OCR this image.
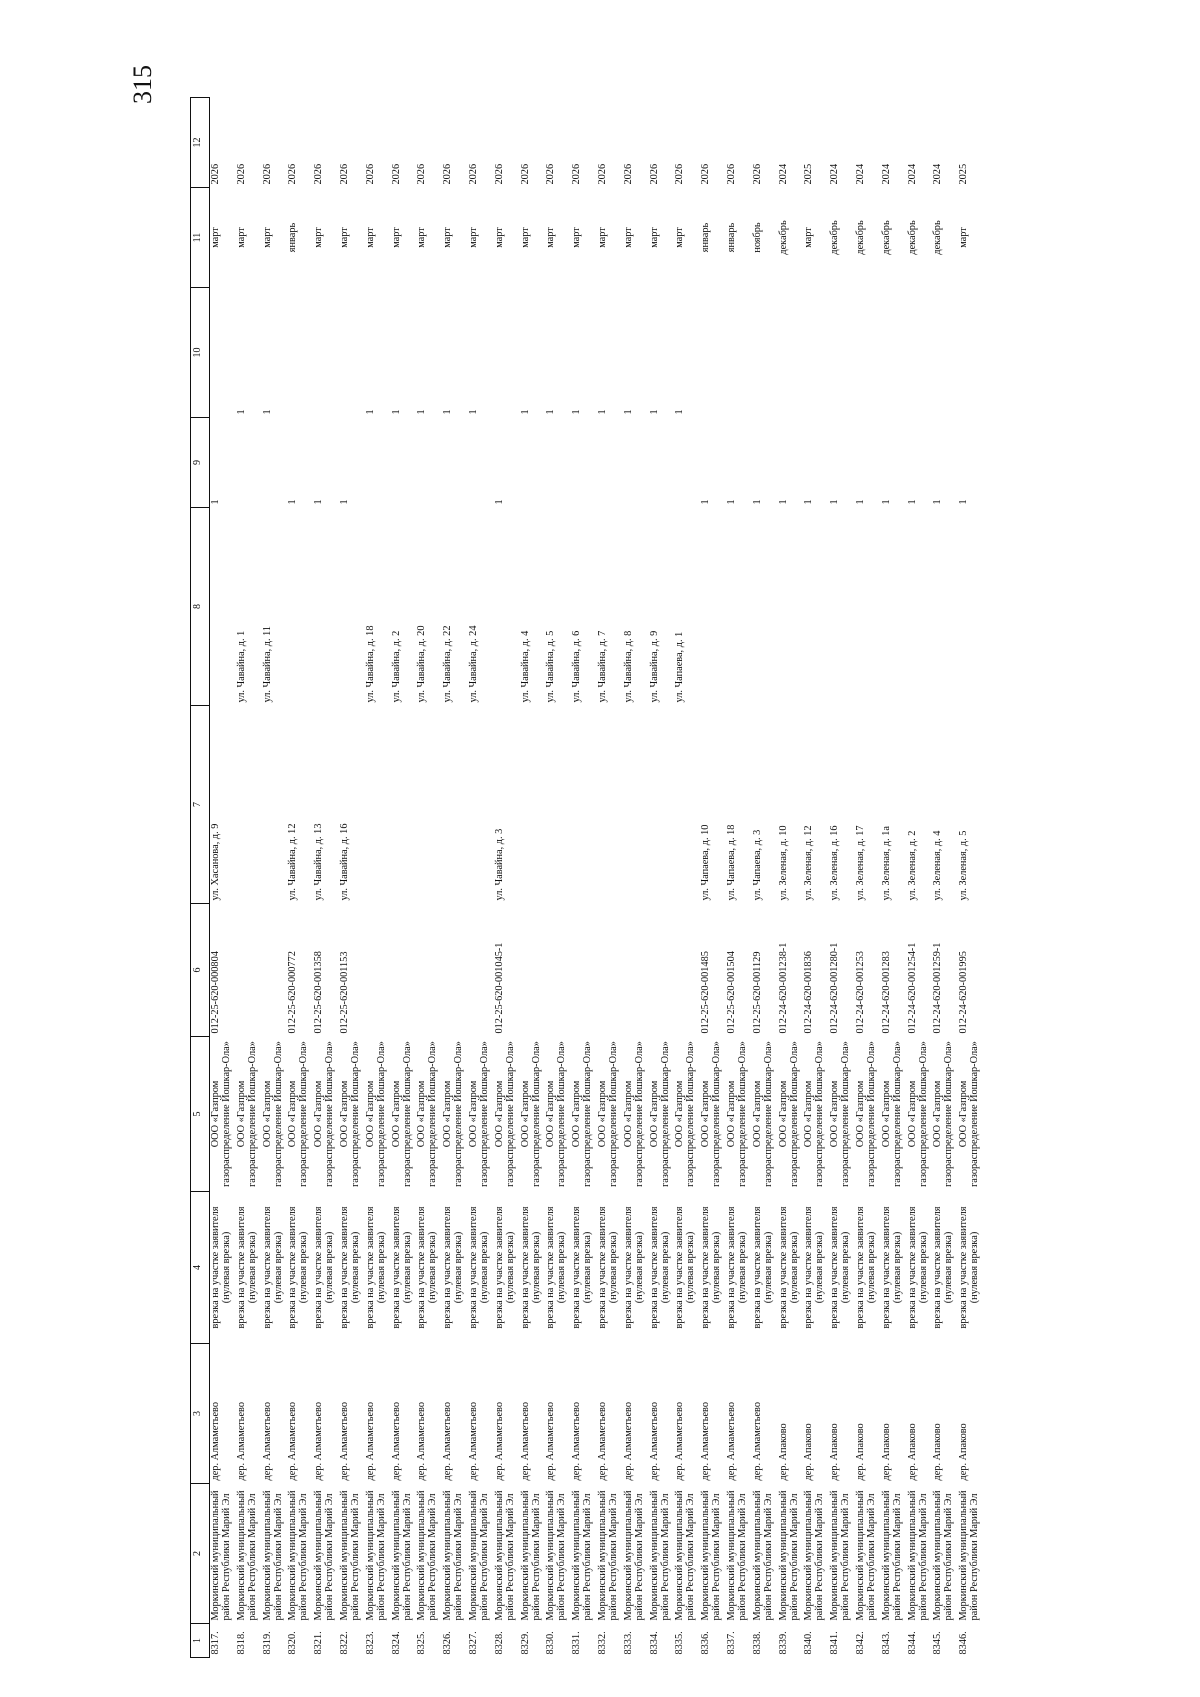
315
1	2	3	4	5	6	7	8	9	10	11	12
8317.	Моркинский муниципальный район Республики Марий Эл	дер. Алмаметьево	врезка на участке заявителя (нулевая врезка)	ООО «Газпром газораспределение Йошкар-Ола»	012-25-620-000804	ул. Хасанова, д. 9		1		март	2026
8318.	Моркинский муниципальный район Республики Марий Эл	дер. Алмаметьево	врезка на участке заявителя (нулевая врезка)	ООО «Газпром газораспределение Йошкар-Ола»			ул. Чавайна, д. 1		1	март	2026
8319.	Моркинский муниципальный район Республики Марий Эл	дер. Алмаметьево	врезка на участке заявителя (нулевая врезка)	ООО «Газпром газораспределение Йошкар-Ола»			ул. Чавайна, д. 11		1	март	2026
8320.	Моркинский муниципальный район Республики Марий Эл	дер. Алмаметьево	врезка на участке заявителя (нулевая врезка)	ООО «Газпром газораспределение Йошкар-Ола»	012-25-620-000772	ул. Чавайна, д. 12		1		январь	2026
8321.	Моркинский муниципальный район Республики Марий Эл	дер. Алмаметьево	врезка на участке заявителя (нулевая врезка)	ООО «Газпром газораспределение Йошкар-Ола»	012-25-620-001358	ул. Чавайна, д. 13		1		март	2026
8322.	Моркинский муниципальный район Республики Марий Эл	дер. Алмаметьево	врезка на участке заявителя (нулевая врезка)	ООО «Газпром газораспределение Йошкар-Ола»	012-25-620-001153	ул. Чавайна, д. 16		1		март	2026
8323.	Моркинский муниципальный район Республики Марий Эл	дер. Алмаметьево	врезка на участке заявителя (нулевая врезка)	ООО «Газпром газораспределение Йошкар-Ола»			ул. Чавайна, д. 18		1	март	2026
8324.	Моркинский муниципальный район Республики Марий Эл	дер. Алмаметьево	врезка на участке заявителя (нулевая врезка)	ООО «Газпром газораспределение Йошкар-Ола»			ул. Чавайна, д. 2		1	март	2026
8325.	Моркинский муниципальный район Республики Марий Эл	дер. Алмаметьево	врезка на участке заявителя (нулевая врезка)	ООО «Газпром газораспределение Йошкар-Ола»			ул. Чавайна, д. 20		1	март	2026
8326.	Моркинский муниципальный район Республики Марий Эл	дер. Алмаметьево	врезка на участке заявителя (нулевая врезка)	ООО «Газпром газораспределение Йошкар-Ола»			ул. Чавайна, д. 22		1	март	2026
8327.	Моркинский муниципальный район Республики Марий Эл	дер. Алмаметьево	врезка на участке заявителя (нулевая врезка)	ООО «Газпром газораспределение Йошкар-Ола»			ул. Чавайна, д. 24		1	март	2026
8328.	Моркинский муниципальный район Республики Марий Эл	дер. Алмаметьево	врезка на участке заявителя (нулевая врезка)	ООО «Газпром газораспределение Йошкар-Ола»	012-25-620-001045-1	ул. Чавайна, д. 3		1		март	2026
8329.	Моркинский муниципальный район Республики Марий Эл	дер. Алмаметьево	врезка на участке заявителя (нулевая врезка)	ООО «Газпром газораспределение Йошкар-Ола»			ул. Чавайна, д. 4		1	март	2026
8330.	Моркинский муниципальный район Республики Марий Эл	дер. Алмаметьево	врезка на участке заявителя (нулевая врезка)	ООО «Газпром газораспределение Йошкар-Ола»			ул. Чавайна, д. 5		1	март	2026
8331.	Моркинский муниципальный район Республики Марий Эл	дер. Алмаметьево	врезка на участке заявителя (нулевая врезка)	ООО «Газпром газораспределение Йошкар-Ола»			ул. Чавайна, д. 6		1	март	2026
8332.	Моркинский муниципальный район Республики Марий Эл	дер. Алмаметьево	врезка на участке заявителя (нулевая врезка)	ООО «Газпром газораспределение Йошкар-Ола»			ул. Чавайна, д. 7		1	март	2026
8333.	Моркинский муниципальный район Республики Марий Эл	дер. Алмаметьево	врезка на участке заявителя (нулевая врезка)	ООО «Газпром газораспределение Йошкар-Ола»			ул. Чавайна, д. 8		1	март	2026
8334.	Моркинский муниципальный район Республики Марий Эл	дер. Алмаметьево	врезка на участке заявителя (нулевая врезка)	ООО «Газпром газораспределение Йошкар-Ола»			ул. Чавайна, д. 9		1	март	2026
8335.	Моркинский муниципальный район Республики Марий Эл	дер. Алмаметьево	врезка на участке заявителя (нулевая врезка)	ООО «Газпром газораспределение Йошкар-Ола»			ул. Чапаева, д. 1		1	март	2026
8336.	Моркинский муниципальный район Республики Марий Эл	дер. Алмаметьево	врезка на участке заявителя (нулевая врезка)	ООО «Газпром газораспределение Йошкар-Ола»	012-25-620-001485	ул. Чапаева, д. 10		1		январь	2026
8337.	Моркинский муниципальный район Республики Марий Эл	дер. Алмаметьево	врезка на участке заявителя (нулевая врезка)	ООО «Газпром газораспределение Йошкар-Ола»	012-25-620-001504	ул. Чапаева, д. 18		1		январь	2026
8338.	Моркинский муниципальный район Республики Марий Эл	дер. Алмаметьево	врезка на участке заявителя (нулевая врезка)	ООО «Газпром газораспределение Йошкар-Ола»	012-25-620-001129	ул. Чапаева, д. 3		1		ноябрь	2026
8339.	Моркинский муниципальный район Республики Марий Эл	дер. Апаково	врезка на участке заявителя (нулевая врезка)	ООО «Газпром газораспределение Йошкар-Ола»	012-24-620-001238-1	ул. Зеленая, д. 10		1		декабрь	2024
8340.	Моркинский муниципальный район Республики Марий Эл	дер. Апаково	врезка на участке заявителя (нулевая врезка)	ООО «Газпром газораспределение Йошкар-Ола»	012-24-620-001836	ул. Зеленая, д. 12		1		март	2025
8341.	Моркинский муниципальный район Республики Марий Эл	дер. Апаково	врезка на участке заявителя (нулевая врезка)	ООО «Газпром газораспределение Йошкар-Ола»	012-24-620-001280-1	ул. Зеленая, д. 16		1		декабрь	2024
8342.	Моркинский муниципальный район Республики Марий Эл	дер. Апаково	врезка на участке заявителя (нулевая врезка)	ООО «Газпром газораспределение Йошкар-Ола»	012-24-620-001253	ул. Зеленая, д. 17		1		декабрь	2024
8343.	Моркинский муниципальный район Республики Марий Эл	дер. Апаково	врезка на участке заявителя (нулевая врезка)	ООО «Газпром газораспределение Йошкар-Ола»	012-24-620-001283	ул. Зеленая, д. 1а		1		декабрь	2024
8344.	Моркинский муниципальный район Республики Марий Эл	дер. Апаково	врезка на участке заявителя (нулевая врезка)	ООО «Газпром газораспределение Йошкар-Ола»	012-24-620-001254-1	ул. Зеленая, д. 2		1		декабрь	2024
8345.	Моркинский муниципальный район Республики Марий Эл	дер. Апаково	врезка на участке заявителя (нулевая врезка)	ООО «Газпром газораспределение Йошкар-Ола»	012-24-620-001259-1	ул. Зеленая, д. 4		1		декабрь	2024
8346.	Моркинский муниципальный район Республики Марий Эл	дер. Апаково	врезка на участке заявителя (нулевая врезка)	ООО «Газпром газораспределение Йошкар-Ола»	012-24-620-001995	ул. Зеленая, д. 5		1		март	2025
